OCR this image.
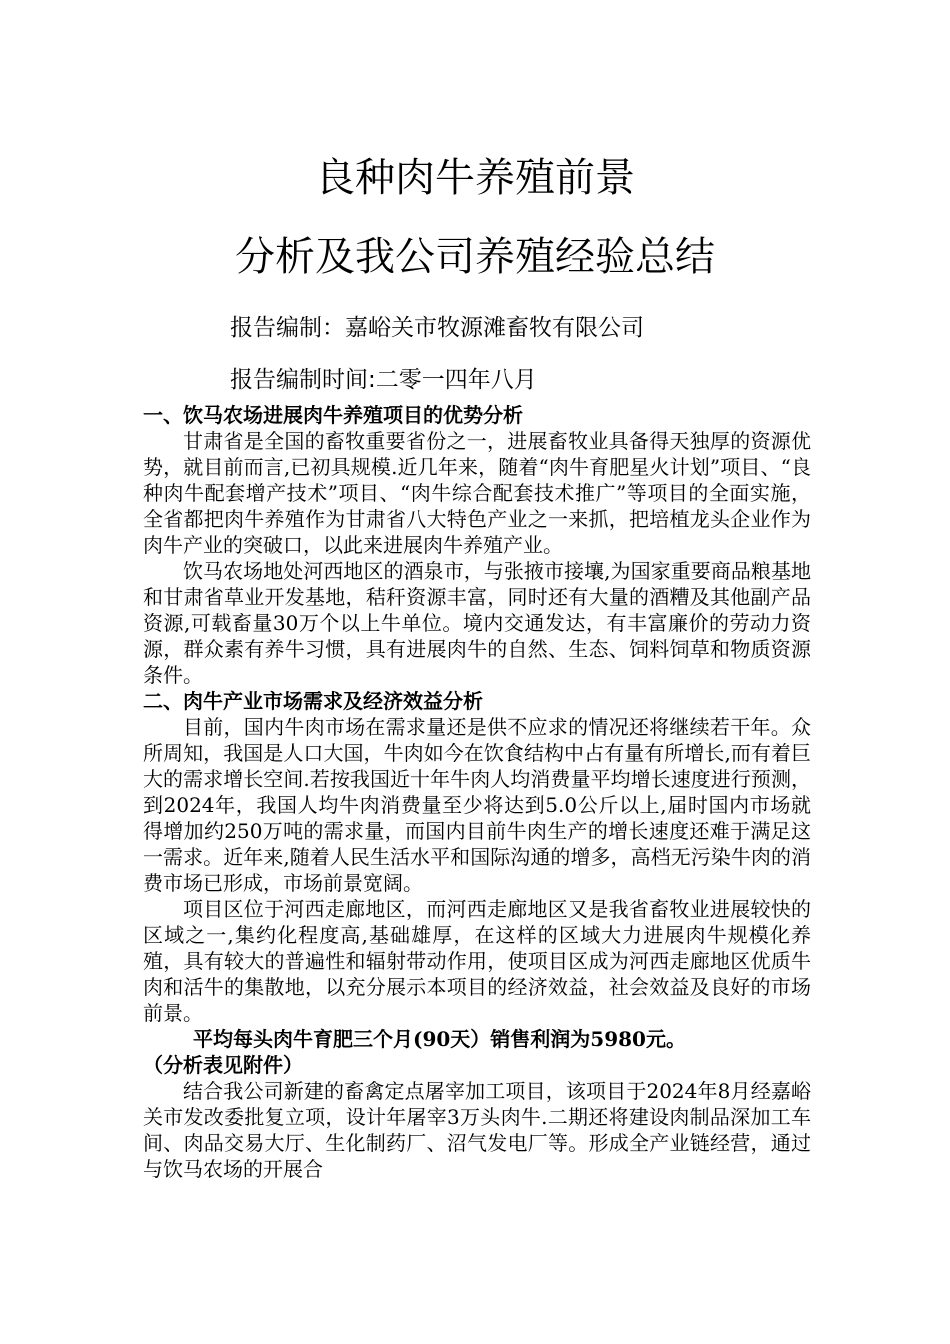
良种肉牛养殖前景
分析及我公司养殖经验总结
报告编制：嘉峪关市牧源滩畜牧有限公司
报告编制时间:二零一四年八月

一、饮马农场进展肉牛养殖项目的优势分析

甘肃省是全国的畜牧重要省份之一，进展畜牧业具备得天独厚的资源优势，就目前而言,已初具规模.近几年来，随着“肉牛育肥星火计划”项目、“良种肉牛配套增产技术”项目、“肉牛综合配套技术推广”等项目的全面实施，全省都把肉牛养殖作为甘肃省八大特色产业之一来抓，把培植龙头企业作为肉牛产业的突破口，以此来进展肉牛养殖产业。

饮马农场地处河西地区的酒泉市，与张掖市接壤,为国家重要商品粮基地和甘肃省草业开发基地，秸秆资源丰富，同时还有大量的酒糟及其他副产品资源,可载畜量30万个以上牛单位。境内交通发达，有丰富廉价的劳动力资源，群众素有养牛习惯，具有进展肉牛的自然、生态、饲料饲草和物质资源条件。

二、肉牛产业市场需求及经济效益分析

目前，国内牛肉市场在需求量还是供不应求的情况还将继续若干年。众所周知，我国是人口大国，牛肉如今在饮食结构中占有量有所增长,而有着巨大的需求增长空间.若按我国近十年牛肉人均消费量平均增长速度进行预测，到2024年，我国人均牛肉消费量至少将达到5.0公斤以上,届时国内市场就得增加约250万吨的需求量，而国内目前牛肉生产的增长速度还难于满足这一需求。近年来,随着人民生活水平和国际沟通的增多，高档无污染牛肉的消费市场已形成，市场前景宽阔。

项目区位于河西走廊地区，而河西走廊地区又是我省畜牧业进展较快的区域之一,集约化程度高,基础雄厚，在这样的区域大力进展肉牛规模化养殖，具有较大的普遍性和辐射带动作用，使项目区成为河西走廊地区优质牛肉和活牛的集散地，以充分展示本项目的经济效益，社会效益及良好的市场前景。

平均每头肉牛育肥三个月(90天）销售利润为5980元。

（分析表见附件）

结合我公司新建的畜禽定点屠宰加工项目，该项目于2024年8月经嘉峪关市发改委批复立项，设计年屠宰3万头肉牛.二期还将建设肉制品深加工车间、肉品交易大厅、生化制药厂、沼气发电厂等。形成全产业链经营，通过与饮马农场的开展合
